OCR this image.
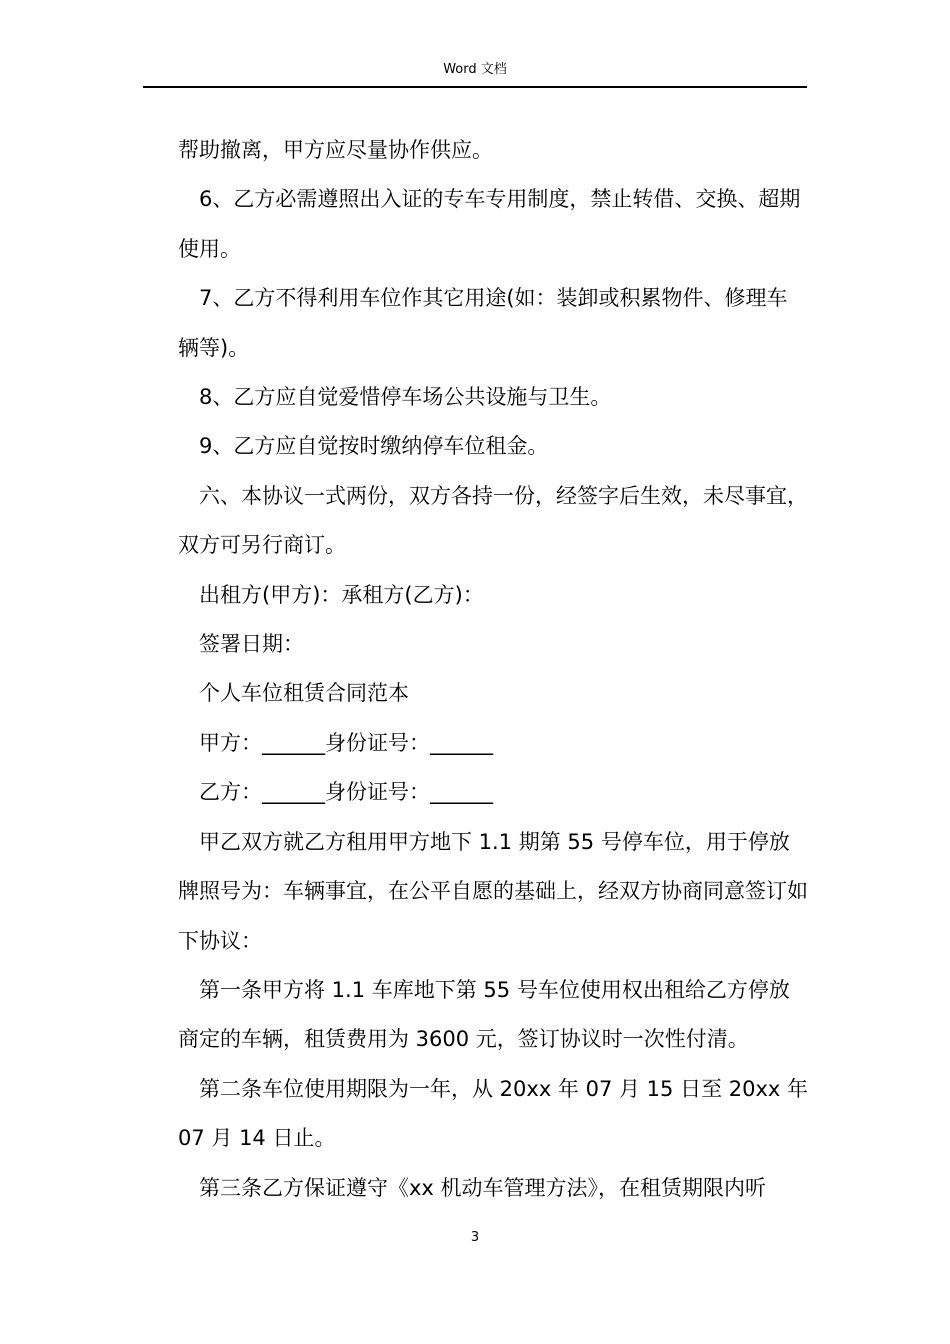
Word 文档

帮助撤离，甲方应尽量协作供应。

6、乙方必需遵照出入证的专车专用制度，禁止转借、交换、超期使用。

7、乙方不得利用车位作其它用途(如：装卸或积累物件、修理车辆等)。

8、乙方应自觉爱惜停车场公共设施与卫生。

9、乙方应自觉按时缴纳停车位租金。

六、本协议一式两份，双方各持一份，经签字后生效，未尽事宜，双方可另行商订。

出租方(甲方)：承租方(乙方)：

签署日期：

个人车位租赁合同范本

甲方：______身份证号：______

乙方：______身份证号：______

甲乙双方就乙方租用甲方地下 1.1 期第 55 号停车位，用于停放牌照号为：车辆事宜，在公平自愿的基础上，经双方协商同意签订如下协议：

第一条甲方将 1.1 车库地下第 55 号车位使用权出租给乙方停放商定的车辆，租赁费用为 3600 元，签订协议时一次性付清。

第二条车位使用期限为一年，从 20xx 年 07 月 15 日至 20xx 年 07 月 14 日止。

第三条乙方保证遵守《xx 机动车管理方法》，在租赁期限内听

3
